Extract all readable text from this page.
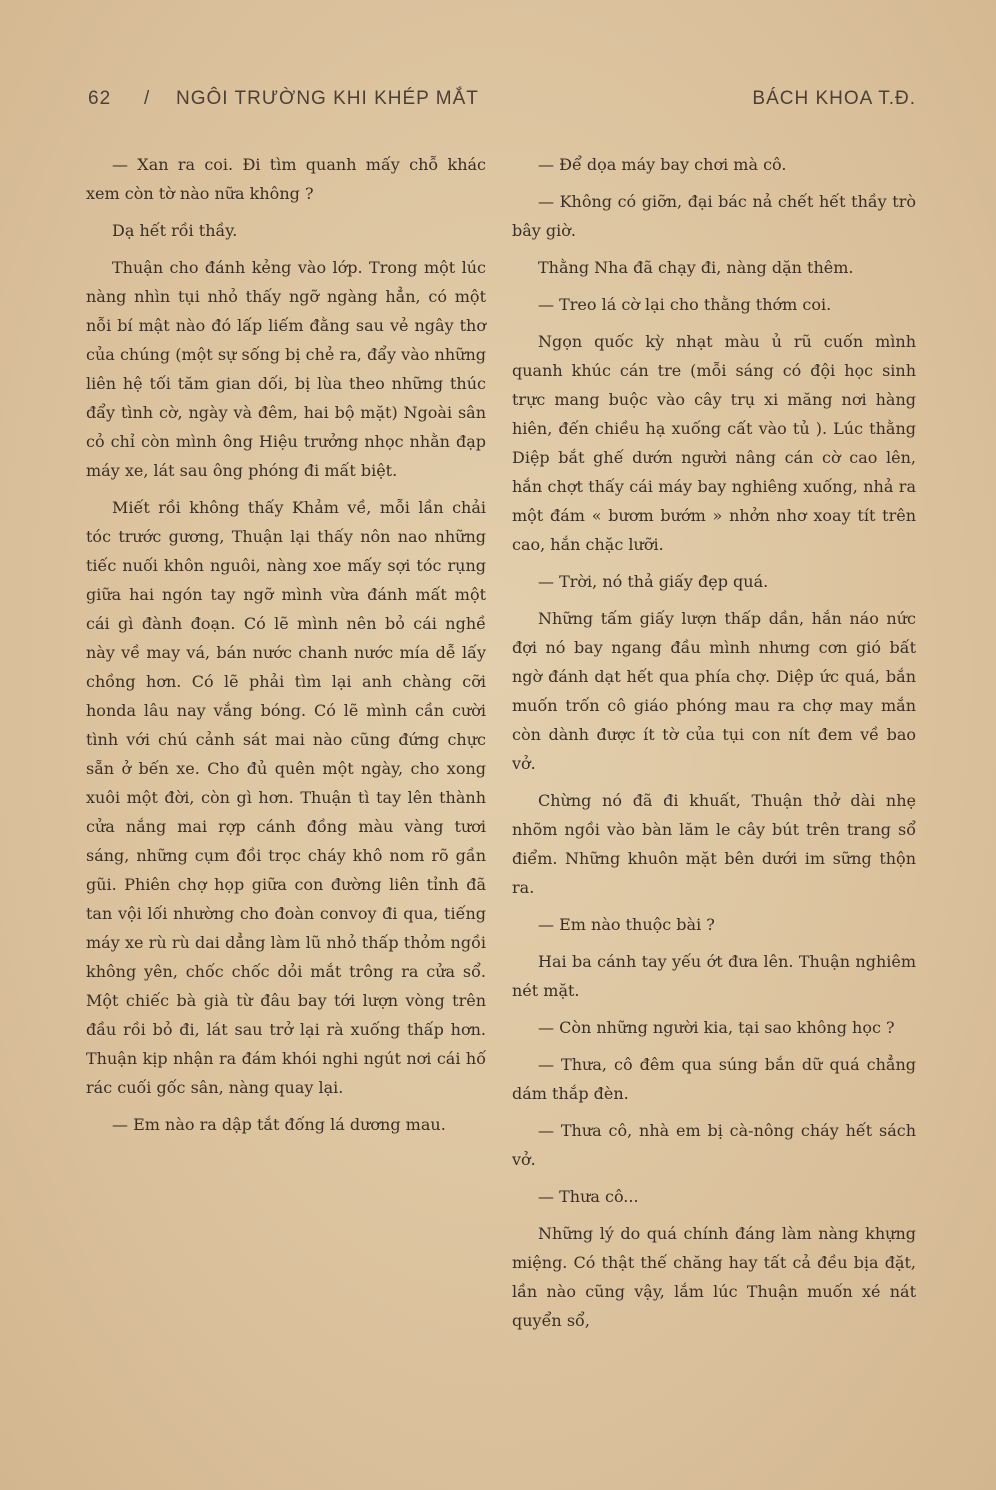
62 / NGÔI TRƯỜNG KHI KHÉP MẮT	BÁCH KHOA T.Đ.

— Xan ra coi. Đi tìm quanh mấy chỗ khác xem còn tờ nào nữa không ?

Dạ hết rồi thầy.

Thuận cho đánh kẻng vào lớp. Trong một lúc nàng nhìn tụi nhỏ thấy ngỡ ngàng hẳn, có một nỗi bí mật nào đó lấp liếm đằng sau vẻ ngây thơ của chúng (một sự sống bị chẻ ra, đẩy vào những liên hệ tối tăm gian dối, bị lùa theo những thúc đẩy tình cờ, ngày và đêm, hai bộ mặt) Ngoài sân cỏ chỉ còn mình ông Hiệu trưởng nhọc nhằn đạp máy xe, lát sau ông phóng đi mất biệt.

Miết rồi không thấy Khảm về, mỗi lần chải tóc trước gương, Thuận lại thấy nôn nao những tiếc nuối khôn nguôi, nàng xoe mấy sợi tóc rụng giữa hai ngón tay ngỡ mình vừa đánh mất một cái gì đành đoạn. Có lẽ mình nên bỏ cái nghề này về may vá, bán nước chanh nước mía dễ lấy chồng hơn. Có lẽ phải tìm lại anh chàng cỡi honda lâu nay vắng bóng. Có lẽ mình cần cười tình với chú cảnh sát mai nào cũng đứng chực sẵn ở bến xe. Cho đủ quên một ngày, cho xong xuôi một đời, còn gì hơn. Thuận tì tay lên thành cửa nắng mai rợp cánh đồng màu vàng tươi sáng, những cụm đồi trọc cháy khô nom rõ gần gũi. Phiên chợ họp giữa con đường liên tỉnh đã tan vội lối nhường cho đoàn convoy đi qua, tiếng máy xe rù rù dai dẳng làm lũ nhỏ thấp thỏm ngồi không yên, chốc chốc dỏi mắt trông ra cửa sổ. Một chiếc bà già từ đâu bay tới lượn vòng trên đầu rồi bỏ đi, lát sau trở lại rà xuống thấp hơn. Thuận kịp nhận ra đám khói nghi ngút nơi cái hố rác cuối gốc sân, nàng quay lại.

— Em nào ra dập tắt đống lá dương mau.

— Để dọa máy bay chơi mà cô.

— Không có giỡn, đại bác nả chết hết thầy trò bây giờ.

Thằng Nha đã chạy đi, nàng dặn thêm.

— Treo lá cờ lại cho thằng thớm coi.

Ngọn quốc kỳ nhạt màu ủ rũ cuốn mình quanh khúc cán tre (mỗi sáng có đội học sinh trực mang buộc vào cây trụ xi măng nơi hàng hiên, đến chiều hạ xuống cất vào tủ ). Lúc thằng Diệp bắt ghế dướn người nâng cán cờ cao lên, hắn chợt thấy cái máy bay nghiêng xuống, nhả ra một đám « bươm bướm » nhởn nhơ xoay tít trên cao, hắn chặc lưỡi.

— Trời, nó thả giấy đẹp quá.

Những tấm giấy lượn thấp dần, hắn náo nức đợi nó bay ngang đầu mình nhưng cơn gió bất ngờ đánh dạt hết qua phía chợ. Diệp ức quá, bắn muốn trốn cô giáo phóng mau ra chợ may mắn còn dành được ít tờ của tụi con nít đem về bao vở.

Chừng nó đã đi khuất, Thuận thở dài nhẹ nhõm ngồi vào bàn lăm le cây bút trên trang sổ điểm. Những khuôn mặt bên dưới im sững thộn ra.

— Em nào thuộc bài ?

Hai ba cánh tay yếu ớt đưa lên. Thuận nghiêm nét mặt.

— Còn những người kia, tại sao không học ?

— Thưa, cô đêm qua súng bắn dữ quá chẳng dám thắp đèn.

— Thưa cô, nhà em bị cà-nông cháy hết sách vở.

— Thưa cô...

Những lý do quá chính đáng làm nàng khựng miệng. Có thật thế chăng hay tất cả đều bịa đặt, lần nào cũng vậy, lắm lúc Thuận muốn xé nát quyển sổ,
